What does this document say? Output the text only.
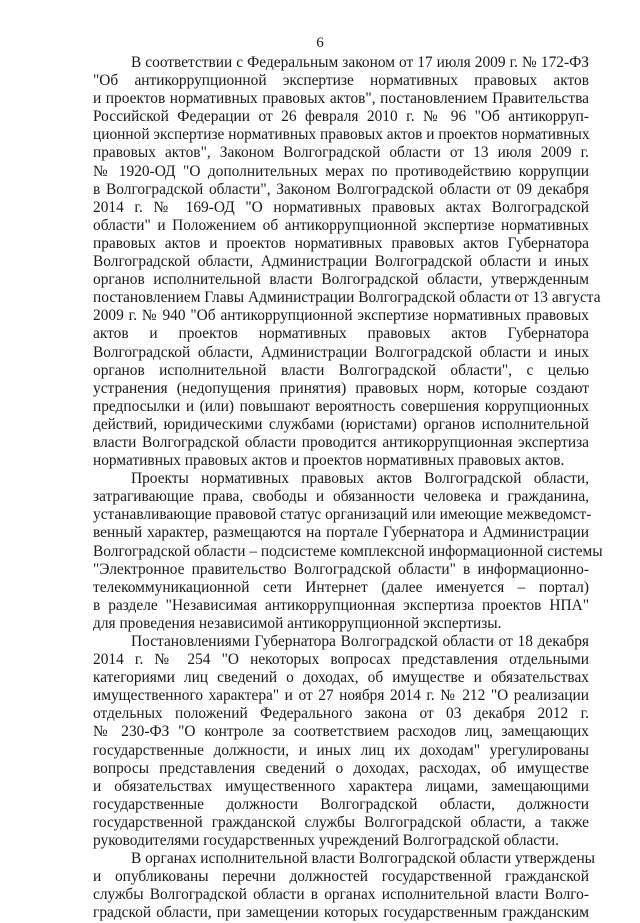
6
В соответствии с Федеральным законом от 17 июля 2009 г. № 172-ФЗ
"Об антикоррупционной экспертизе нормативных правовых актов
и проектов нормативных правовых актов", постановлением Правительства
Российской Федерации от 26 февраля 2010 г. № 96 "Об антикорруп-
ционной экспертизе нормативных правовых актов и проектов нормативных
правовых актов", Законом Волгоградской области от 13 июля 2009 г.
№ 1920-ОД "О дополнительных мерах по противодействию коррупции
в Волгоградской области", Законом Волгоградской области от 09 декабря
2014 г. № 169-ОД "О нормативных правовых актах Волгоградской
области" и Положением об антикоррупционной экспертизе нормативных
правовых актов и проектов нормативных правовых актов Губернатора
Волгоградской области, Администрации Волгоградской области и иных
органов исполнительной власти Волгоградской области, утвержденным
постановлением Главы Администрации Волгоградской области от 13 августа
2009 г. № 940 "Об антикоррупционной экспертизе нормативных правовых
актов и проектов нормативных правовых актов Губернатора
Волгоградской области, Администрации Волгоградской области и иных
органов исполнительной власти Волгоградской области", с целью
устранения (недопущения принятия) правовых норм, которые создают
предпосылки и (или) повышают вероятность совершения коррупционных
действий, юридическими службами (юристами) органов исполнительной
власти Волгоградской области проводится антикоррупционная экспертиза
нормативных правовых актов и проектов нормативных правовых актов.
Проекты нормативных правовых актов Волгоградской области,
затрагивающие права, свободы и обязанности человека и гражданина,
устанавливающие правовой статус организаций или имеющие межведомст-
венный характер, размещаются на портале Губернатора и Администрации
Волгоградской области – подсистеме комплексной информационной системы
"Электронное правительство Волгоградской области" в информационно-
телекоммуникационной сети Интернет (далее именуется – портал)
в разделе "Независимая антикоррупционная экспертиза проектов НПА"
для проведения независимой антикоррупционной экспертизы.
Постановлениями Губернатора Волгоградской области от 18 декабря
2014 г. № 254 "О некоторых вопросах представления отдельными
категориями лиц сведений о доходах, об имуществе и обязательствах
имущественного характера" и от 27 ноября 2014 г. № 212 "О реализации
отдельных положений Федерального закона от 03 декабря 2012 г.
№ 230-ФЗ "О контроле за соответствием расходов лиц, замещающих
государственные должности, и иных лиц их доходам" урегулированы
вопросы представления сведений о доходах, расходах, об имуществе
и обязательствах имущественного характера лицами, замещающими
государственные должности Волгоградской области, должности
государственной гражданской службы Волгоградской области, а также
руководителями государственных учреждений Волгоградской области.
В органах исполнительной власти Волгоградской области утверждены
и опубликованы перечни должностей государственной гражданской
службы Волгоградской области в органах исполнительной власти Волго-
градской области, при замещении которых государственным гражданским
